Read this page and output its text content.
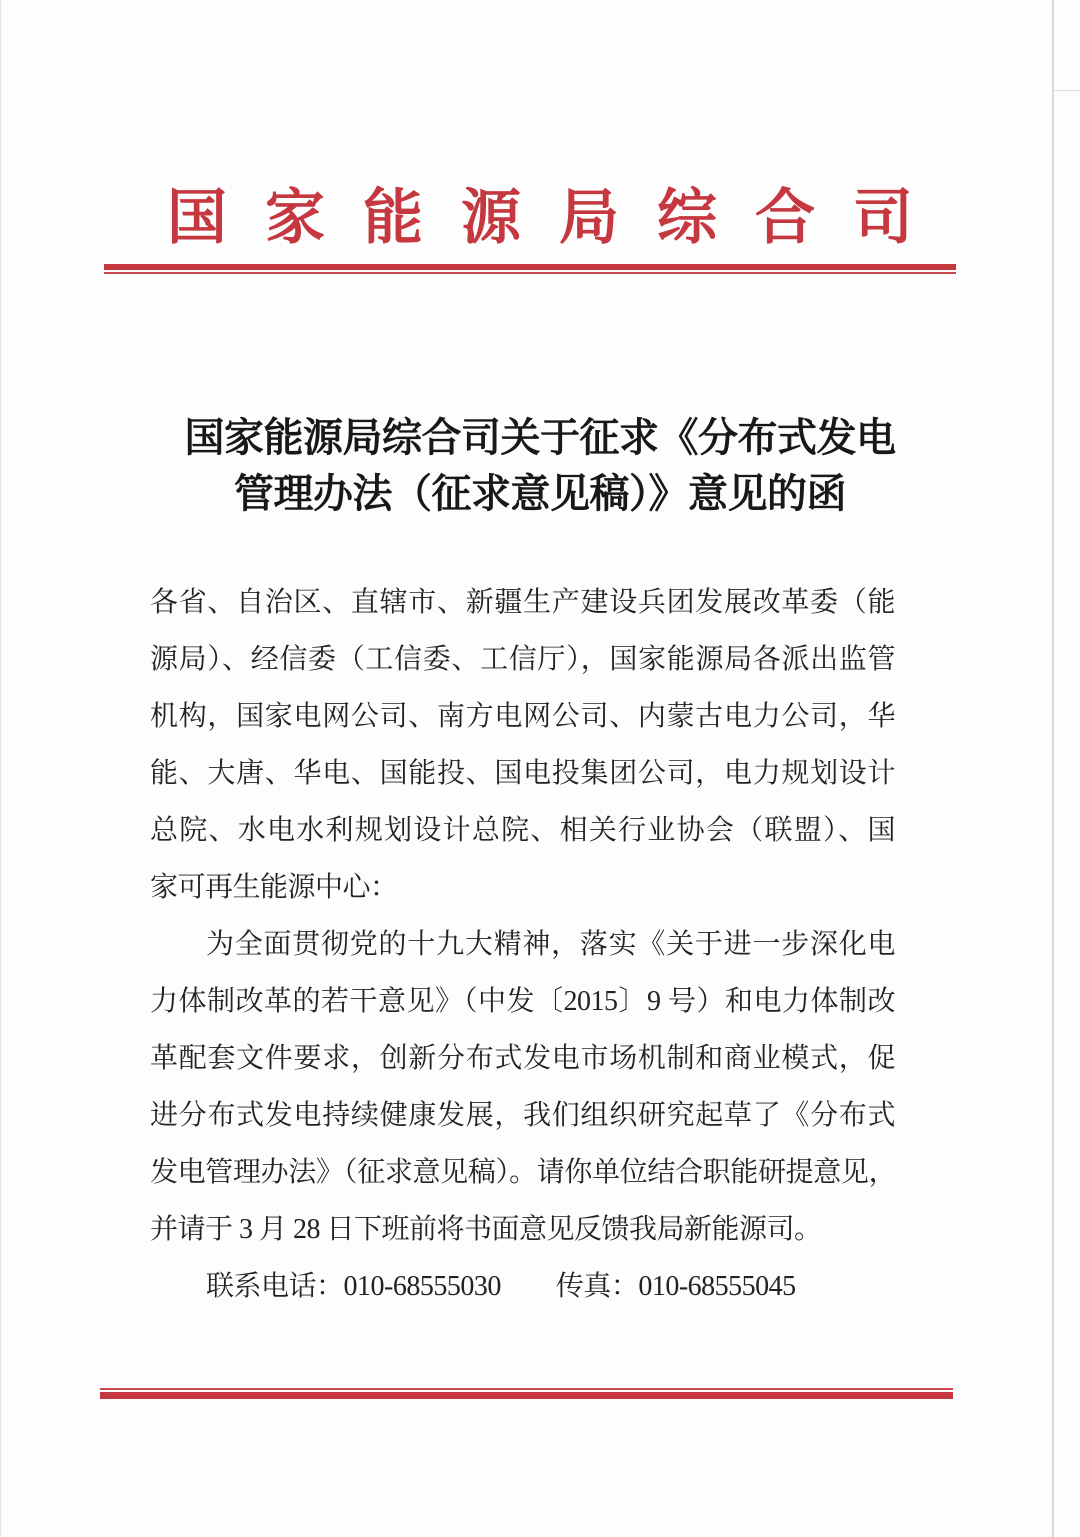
国家能源局综合司
国家能源局综合司关于征求《分布式发电
管理办法（征求意见稿）》意见的函
各省、自治区、直辖市、新疆生产建设兵团发展改革委（能
源局）、经信委（工信委、工信厅），国家能源局各派出监管
机构，国家电网公司、南方电网公司、内蒙古电力公司，华
能、大唐、华电、国能投、国电投集团公司，电力规划设计
总院、水电水利规划设计总院、相关行业协会（联盟）、国
家可再生能源中心：
为全面贯彻党的十九大精神，落实《关于进一步深化电
力体制改革的若干意见》（中发〔2015〕9 号）和电力体制改
革配套文件要求，创新分布式发电市场机制和商业模式，促
进分布式发电持续健康发展，我们组织研究起草了《分布式
发电管理办法》（征求意见稿）。请你单位结合职能研提意见，
并请于 3 月 28 日下班前将书面意见反馈我局新能源司。
联系电话：010-68555030　　传真：010-68555045
